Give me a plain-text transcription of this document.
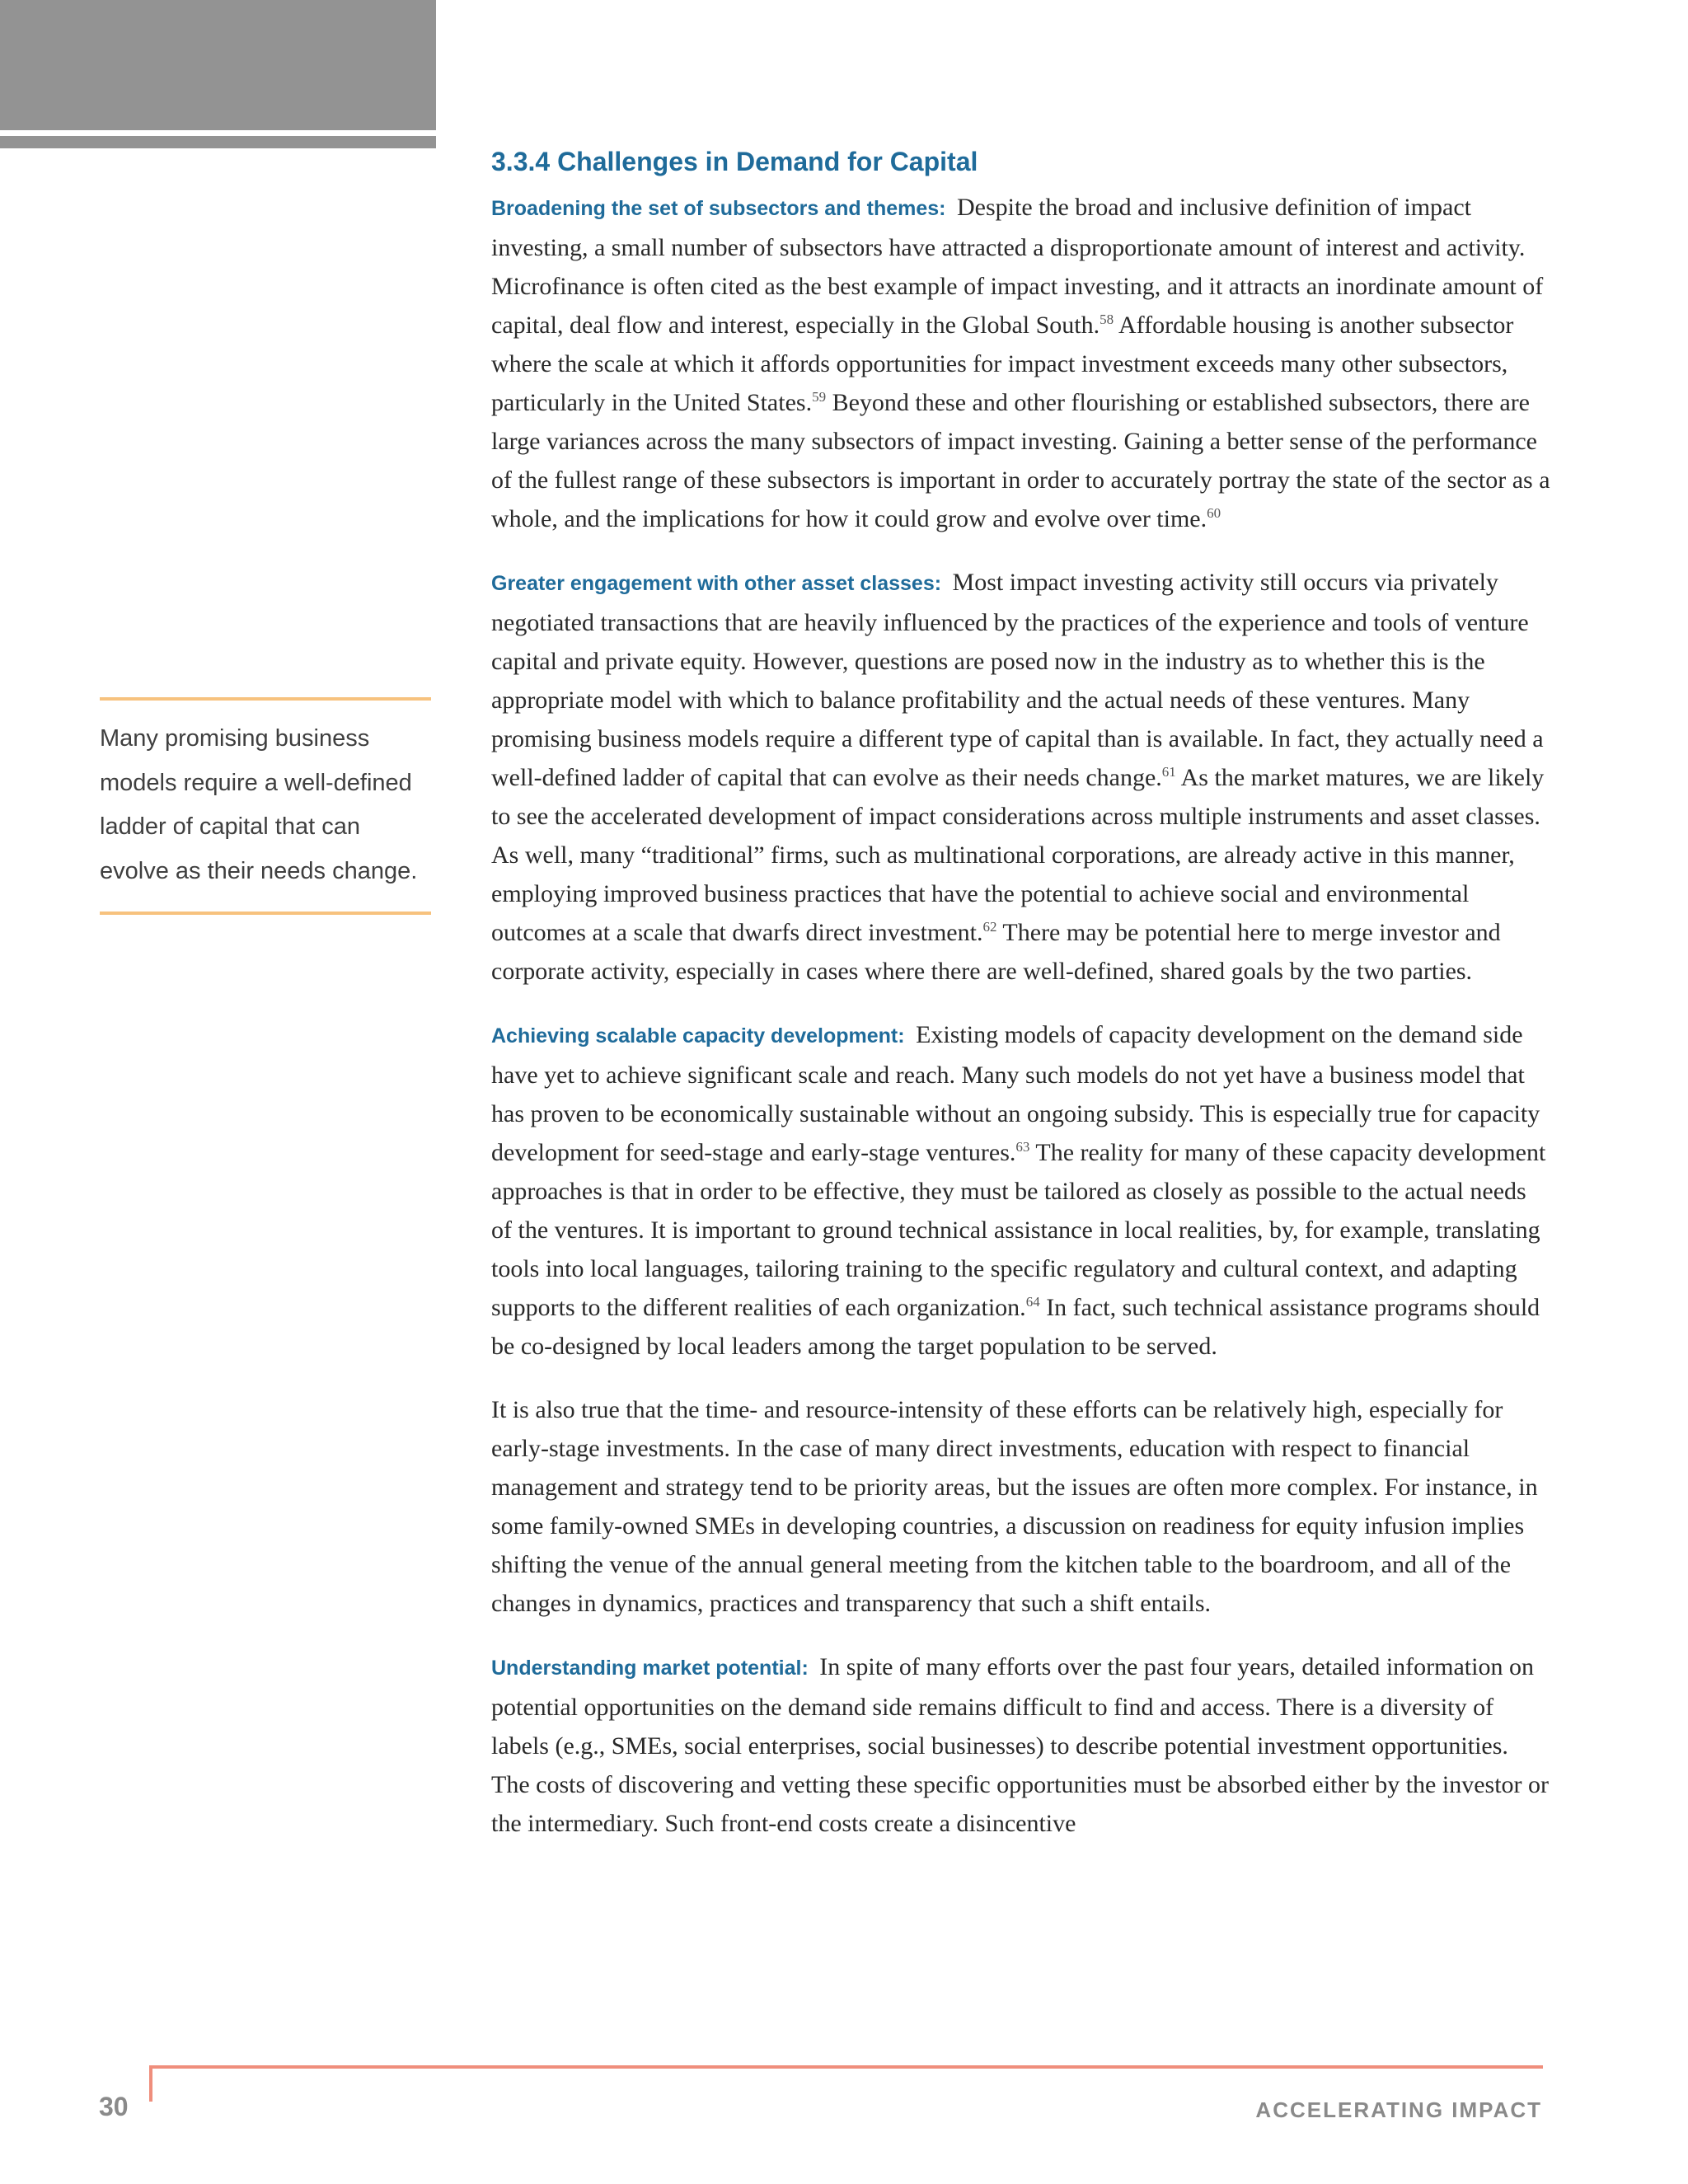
3.3.4 Challenges in Demand for Capital

Broadening the set of subsectors and themes: Despite the broad and inclusive definition of impact investing, a small number of subsectors have attracted a disproportionate amount of interest and activity. Microfinance is often cited as the best example of impact investing, and it attracts an inordinate amount of capital, deal flow and interest, especially in the Global South.$^{58}$ Affordable housing is another subsector where the scale at which it affords opportunities for impact investment exceeds many other subsectors, particularly in the United States.$^{59}$ Beyond these and other flourishing or established subsectors, there are large variances across the many subsectors of impact investing. Gaining a better sense of the performance of the fullest range of these subsectors is important in order to accurately portray the state of the sector as a whole, and the implications for how it could grow and evolve over time.$^{60}$

Greater engagement with other asset classes: Most impact investing activity still occurs via privately negotiated transactions that are heavily influenced by the practices of the experience and tools of venture capital and private equity. However, questions are posed now in the industry as to whether this is the appropriate model with which to balance profitability and the actual needs of these ventures. Many promising business models require a different type of capital than is available. In fact, they actually need a well-defined ladder of capital that can evolve as their needs change.$^{61}$ As the market matures, we are likely to see the accelerated development of impact considerations across multiple instruments and asset classes. As well, many “traditional” firms, such as multinational corporations, are already active in this manner, employing improved business practices that have the potential to achieve social and environmental outcomes at a scale that dwarfs direct investment.$^{62}$ There may be potential here to merge investor and corporate activity, especially in cases where there are well-defined, shared goals by the two parties.

Achieving scalable capacity development: Existing models of capacity development on the demand side have yet to achieve significant scale and reach. Many such models do not yet have a business model that has proven to be economically sustainable without an ongoing subsidy. This is especially true for capacity development for seed-stage and early-stage ventures.$^{63}$ The reality for many of these capacity development approaches is that in order to be effective, they must be tailored as closely as possible to the actual needs of the ventures. It is important to ground technical assistance in local realities, by, for example, translating tools into local languages, tailoring training to the specific regulatory and cultural context, and adapting supports to the different realities of each organization.$^{64}$ In fact, such technical assistance programs should be co-designed by local leaders among the target population to be served.

It is also true that the time- and resource-intensity of these efforts can be relatively high, especially for early-stage investments. In the case of many direct investments, education with respect to financial management and strategy tend to be priority areas, but the issues are often more complex. For instance, in some family-owned SMEs in developing countries, a discussion on readiness for equity infusion implies shifting the venue of the annual general meeting from the kitchen table to the boardroom, and all of the changes in dynamics, practices and transparency that such a shift entails.

Understanding market potential: In spite of many efforts over the past four years, detailed information on potential opportunities on the demand side remains difficult to find and access. There is a diversity of labels (e.g., SMEs, social enterprises, social businesses) to describe potential investment opportunities. The costs of discovering and vetting these specific opportunities must be absorbed either by the investor or the intermediary. Such front-end costs create a disincentive

Many promising business models require a well-defined ladder of capital that can evolve as their needs change.

30	ACCELERATING IMPACT
